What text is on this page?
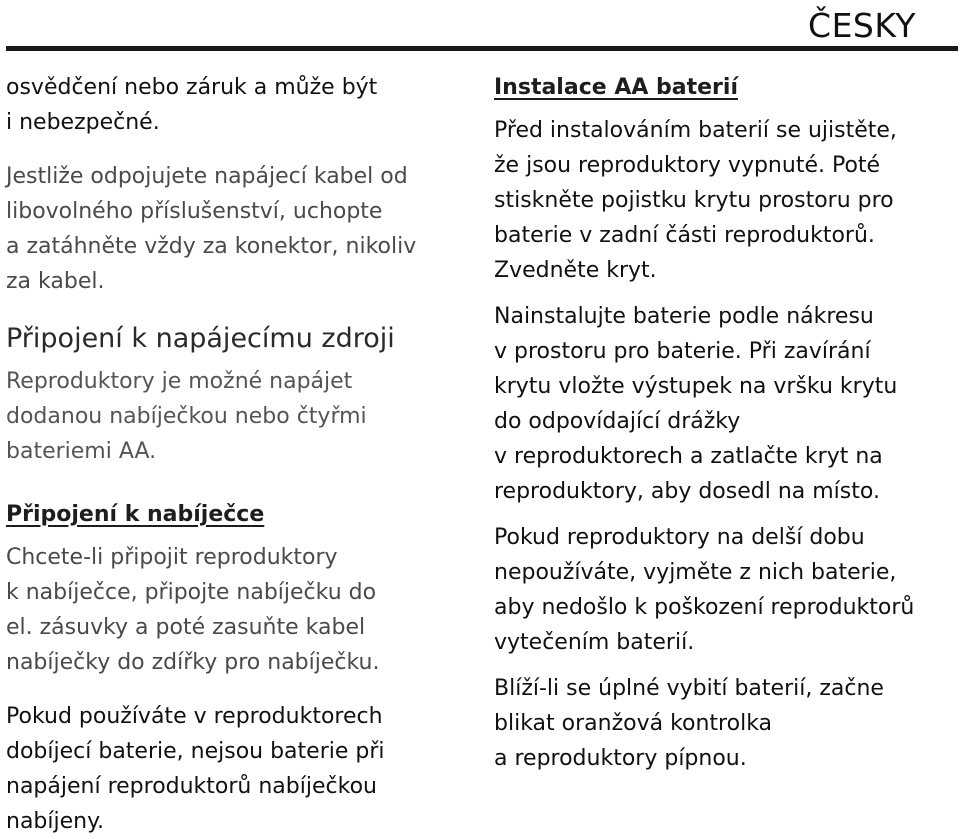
ČESKY

osvědčení nebo záruk a může být
i nebezpečné.

Jestliže odpojujete napájecí kabel od
libovolného příslušenství, uchopte
a zatáhněte vždy za konektor, nikoliv
za kabel.

Připojení k napájecímu zdroji

Reproduktory je možné napájet
dodanou nabíječkou nebo čtyřmi
bateriemi AA.

Připojení k nabíječce

Chcete-li připojit reproduktory
k nabíječce, připojte nabíječku do
el. zásuvky a poté zasuňte kabel
nabíječky do zdířky pro nabíječku.

Pokud používáte v reproduktorech
dobíjecí baterie, nejsou baterie při
napájení reproduktorů nabíječkou
nabíjeny.

Instalace AA baterií

Před instalováním baterií se ujistěte,
že jsou reproduktory vypnuté. Poté
stiskněte pojistku krytu prostoru pro
baterie v zadní části reproduktorů.
Zvedněte kryt.

Nainstalujte baterie podle nákresu
v prostoru pro baterie. Při zavírání
krytu vložte výstupek na vršku krytu
do odpovídající drážky
v reproduktorech a zatlačte kryt na
reproduktory, aby dosedl na místo.

Pokud reproduktory na delší dobu
nepoužíváte, vyjměte z nich baterie,
aby nedošlo k poškození reproduktorů
vytečením baterií.

Blíží-li se úplné vybití baterií, začne
blikat oranžová kontrolka
a reproduktory pípnou.
